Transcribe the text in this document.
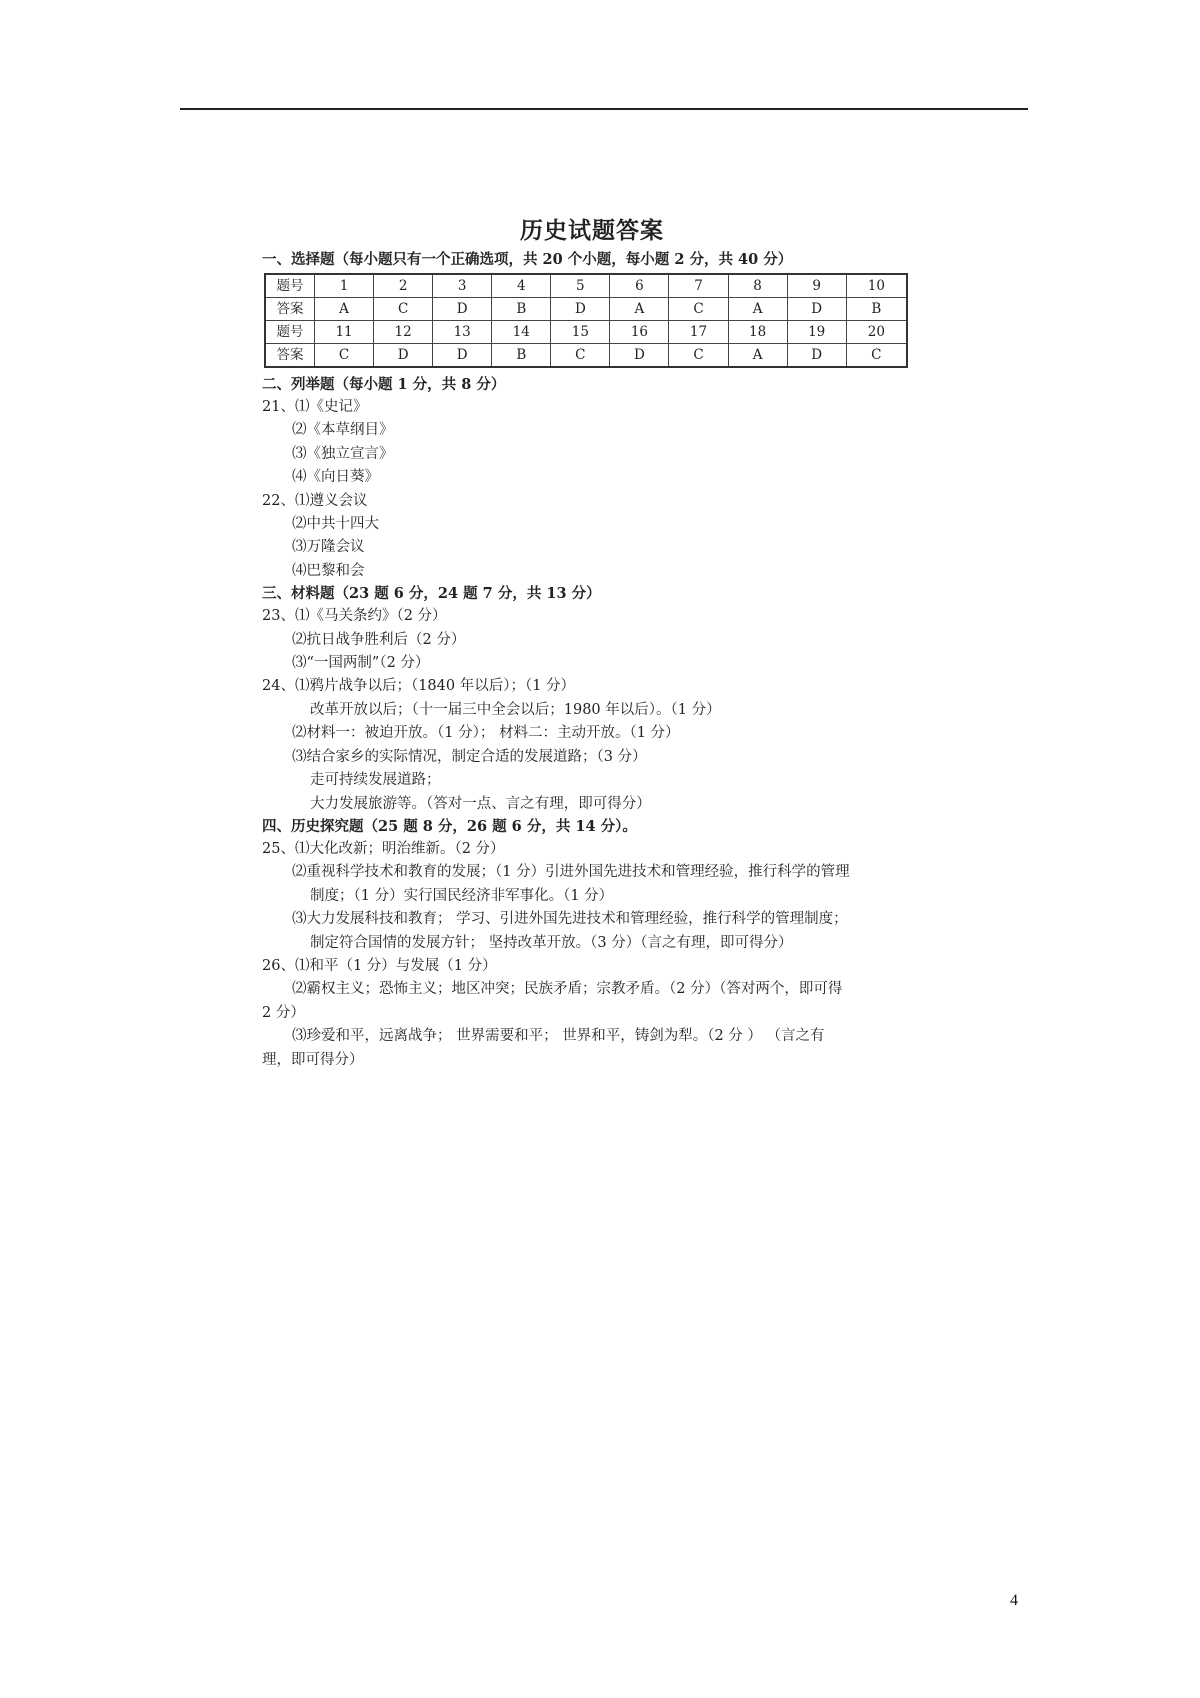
历史试题答案
一、选择题（每小题只有一个正确选项，共 20 个小题，每小题 2 分，共 40 分）
题号	1	2	3	4	5	6	7	8	9	10
答案	A	C	D	B	D	A	C	A	D	B
题号	11	12	13	14	15	16	17	18	19	20
答案	C	D	D	B	C	D	C	A	D	C
二、列举题（每小题 1 分，共 8 分）
21、⑴《史记》
⑵《本草纲目》
⑶《独立宣言》
⑷《向日葵》
22、⑴遵义会议
⑵中共十四大
⑶万隆会议
⑷巴黎和会
三、材料题（23 题 6 分，24 题 7 分，共 13 分）
23、⑴《马关条约》（2 分）
⑵抗日战争胜利后（2 分）
⑶“一国两制”（2 分）
24、⑴鸦片战争以后；（1840 年以后）；（1 分）
改革开放以后；（十一届三中全会以后；1980 年以后）。（1 分）
⑵材料一：被迫开放。（1 分）； 材料二：主动开放。（1 分）
⑶结合家乡的实际情况，制定合适的发展道路；（3 分）
走可持续发展道路；
大力发展旅游等。（答对一点、言之有理，即可得分）
四、历史探究题（25 题 8 分，26 题 6 分，共 14 分）。
25、⑴大化改新；明治维新。（2 分）
⑵重视科学技术和教育的发展；（1 分）引进外国先进技术和管理经验，推行科学的管理
制度；（1 分）实行国民经济非军事化。（1 分）
⑶大力发展科技和教育； 学习、引进外国先进技术和管理经验，推行科学的管理制度；
制定符合国情的发展方针； 坚持改革开放。（3 分）（言之有理，即可得分）
26、⑴和平（1 分）与发展（1 分）
⑵霸权主义；恐怖主义；地区冲突；民族矛盾；宗教矛盾。（2 分）（答对两个，即可得
2 分）
⑶珍爱和平，远离战争； 世界需要和平； 世界和平，铸剑为犁。（2 分 ） （言之有
理，即可得分）
4
